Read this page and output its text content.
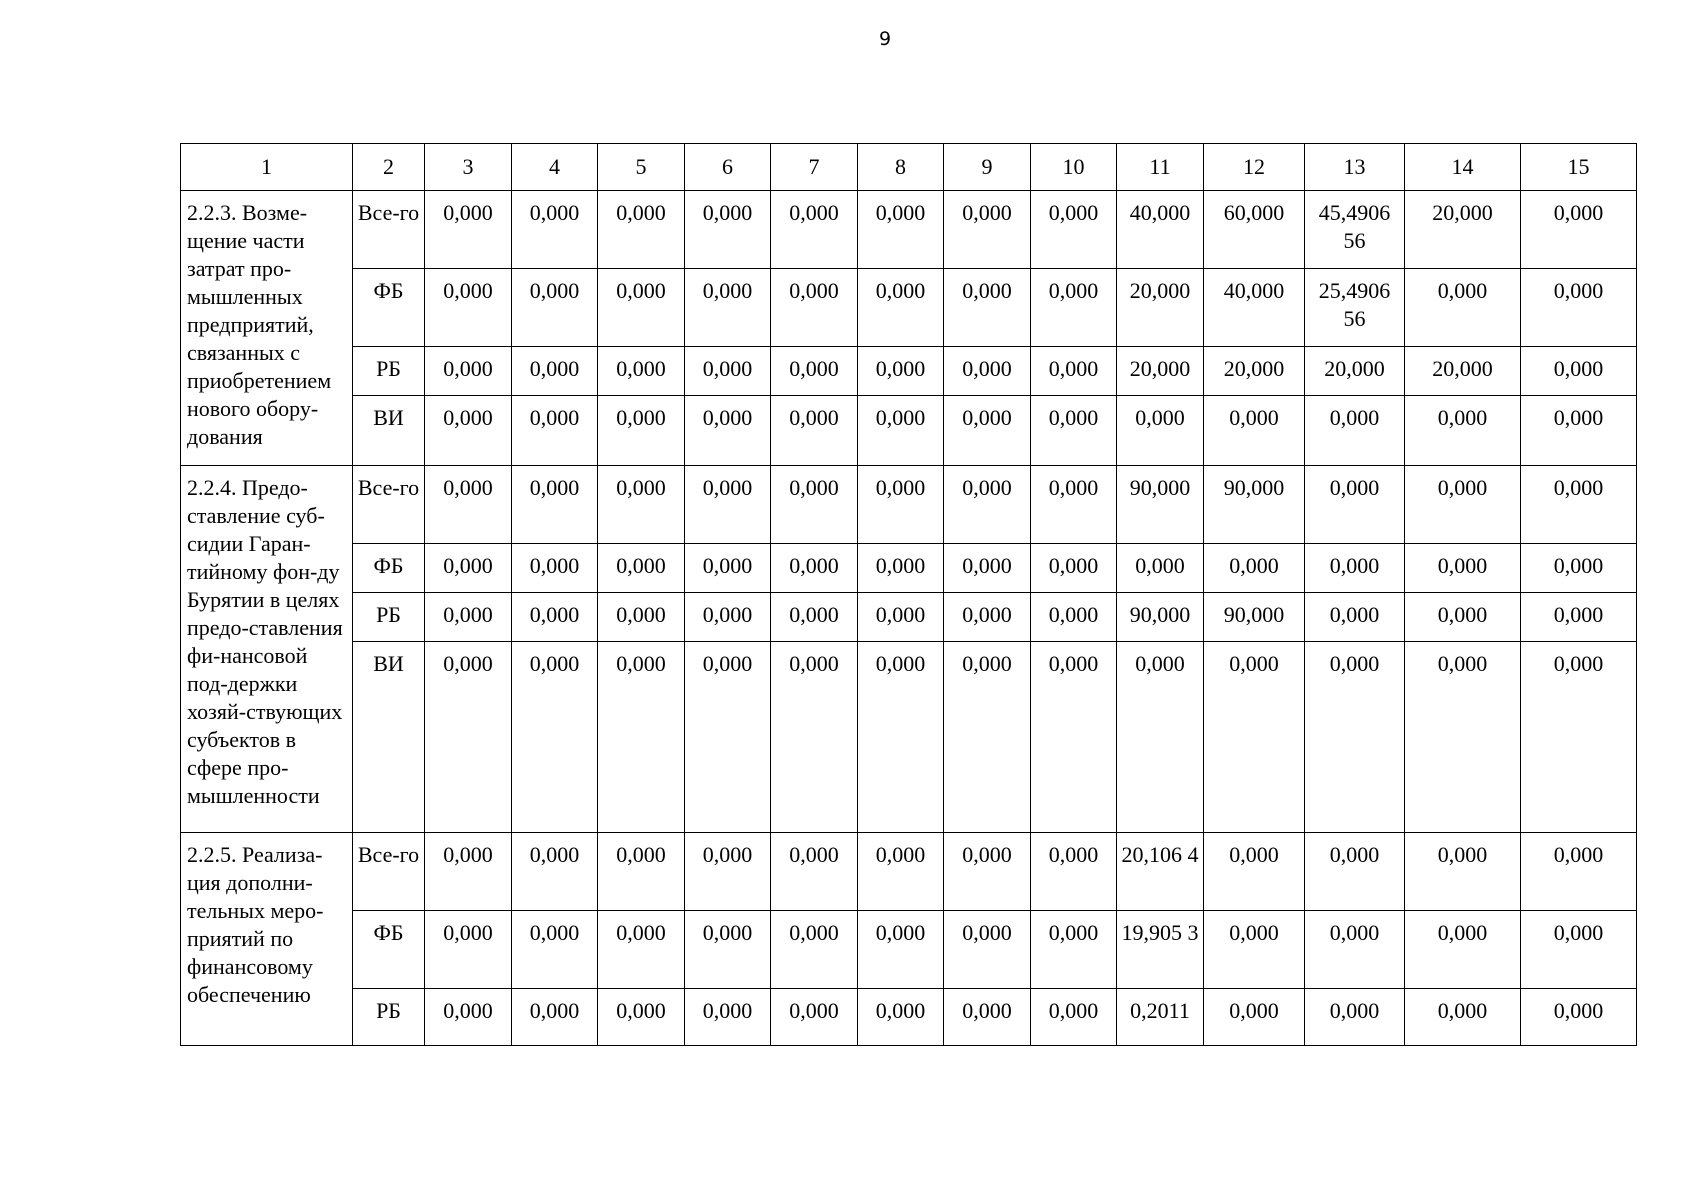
9
1	2	3	4	5	6	7	8	9	10	11	12	13	14	15
2.2.3. Возме-щение части затрат про-мышленных предприятий, связанных с приобретением нового обору-дования	Все-го	0,000	0,000	0,000	0,000	0,000	0,000	0,000	0,000	40,000	60,000	45,4906 56	20,000	0,000
	ФБ	0,000	0,000	0,000	0,000	0,000	0,000	0,000	0,000	20,000	40,000	25,4906 56	0,000	0,000
	РБ	0,000	0,000	0,000	0,000	0,000	0,000	0,000	0,000	20,000	20,000	20,000	20,000	0,000
	ВИ	0,000	0,000	0,000	0,000	0,000	0,000	0,000	0,000	0,000	0,000	0,000	0,000	0,000
2.2.4. Предо-ставление суб-сидии Гаран-тийному фон-ду Бурятии в целях предо-ставления фи-нансовой под-держки хозяй-ствующих субъектов в сфере про-мышленности	Все-го	0,000	0,000	0,000	0,000	0,000	0,000	0,000	0,000	90,000	90,000	0,000	0,000	0,000
	ФБ	0,000	0,000	0,000	0,000	0,000	0,000	0,000	0,000	0,000	0,000	0,000	0,000	0,000
	РБ	0,000	0,000	0,000	0,000	0,000	0,000	0,000	0,000	90,000	90,000	0,000	0,000	0,000
	ВИ	0,000	0,000	0,000	0,000	0,000	0,000	0,000	0,000	0,000	0,000	0,000	0,000	0,000
2.2.5. Реализа-ция дополни-тельных меро-приятий по финансовому обеспечению	Все-го	0,000	0,000	0,000	0,000	0,000	0,000	0,000	0,000	20,106 4	0,000	0,000	0,000	0,000
	ФБ	0,000	0,000	0,000	0,000	0,000	0,000	0,000	0,000	19,905 3	0,000	0,000	0,000	0,000
	РБ	0,000	0,000	0,000	0,000	0,000	0,000	0,000	0,000	0,2011	0,000	0,000	0,000	0,000
